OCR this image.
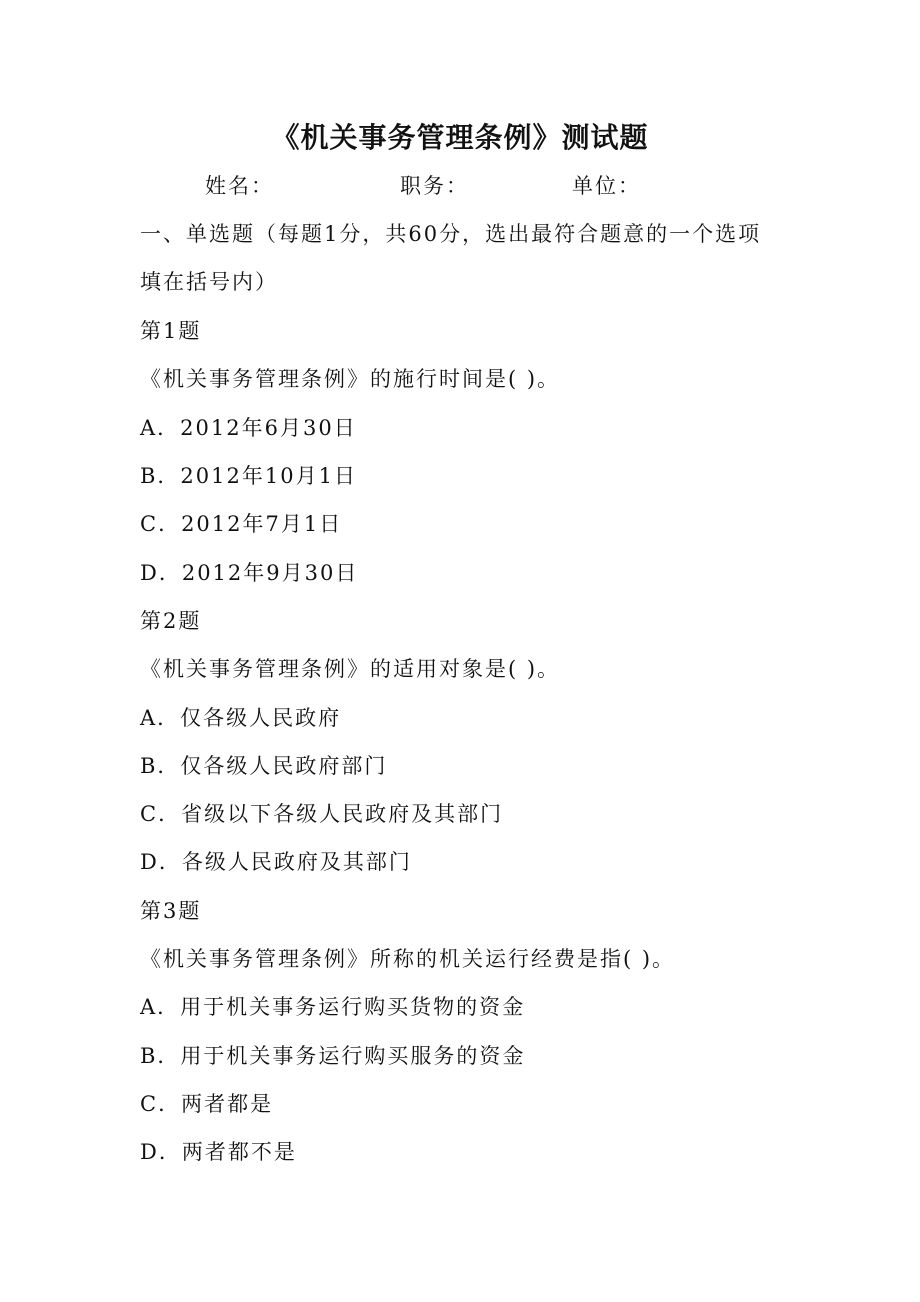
《机关事务管理条例》测试题
姓名：	职务：	单位：
一、单选题（每题1分，共60分，选出最符合题意的一个选项
填在括号内）
第1题
《机关事务管理条例》的施行时间是( )。
A．2012年6月30日
B．2012年10月1日
C．2012年7月1日
D．2012年9月30日
第2题
《机关事务管理条例》的适用对象是( )。
A．仅各级人民政府
B．仅各级人民政府部门
C．省级以下各级人民政府及其部门
D．各级人民政府及其部门
第3题
《机关事务管理条例》所称的机关运行经费是指( )。
A．用于机关事务运行购买货物的资金
B．用于机关事务运行购买服务的资金
C．两者都是
D．两者都不是
